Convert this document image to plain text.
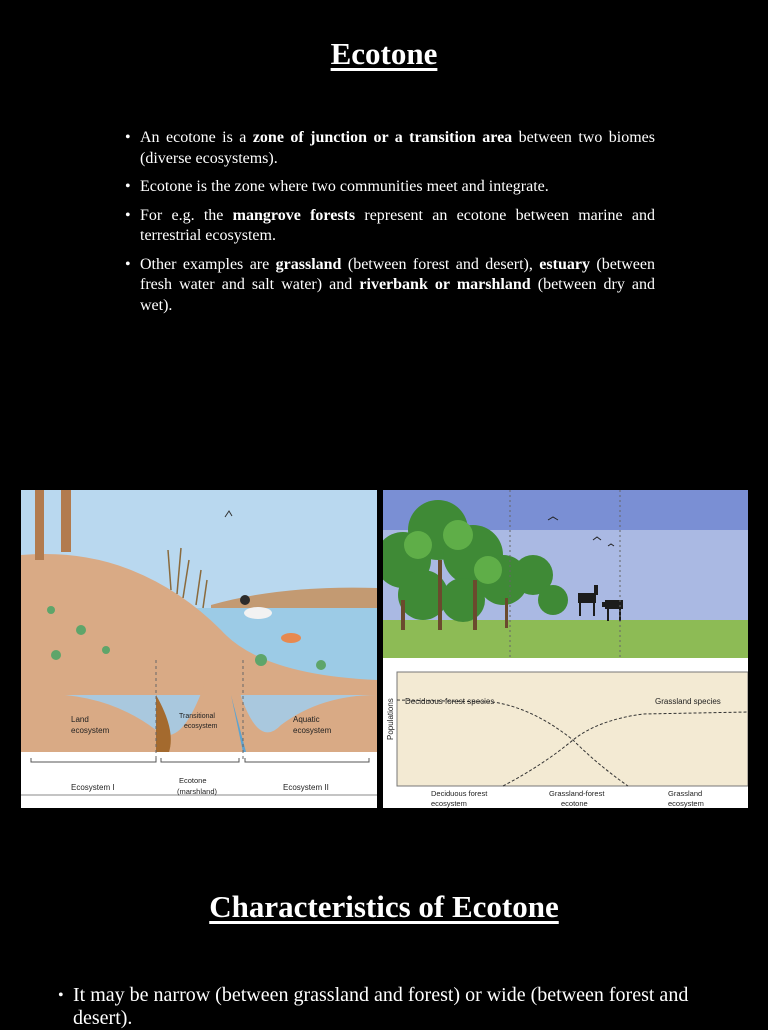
Ecotone
• An ecotone is a zone of junction or a transition area between two biomes (diverse ecosystems).
• Ecotone is the zone where two communities meet and integrate.
• For e.g. the mangrove forests represent an ecotone between marine and terrestrial ecosystem.
• Other examples are grassland (between forest and desert), estuary (between fresh water and salt water) and riverbank or marshland (between dry and wet).
Land
ecosystem
Transitional
ecosystem
Aquatic
ecosystem
Ecosystem I
Ecotone
(marshland)	Ecosystem II
Populations Deciduous forest species	Grassland species
Deciduous forest
ecosystem
Grassland-forest
ecotone
Grassland
ecosystem
Characteristics of Ecotone
• It may be narrow (between grassland and forest) or wide (between forest and desert).
